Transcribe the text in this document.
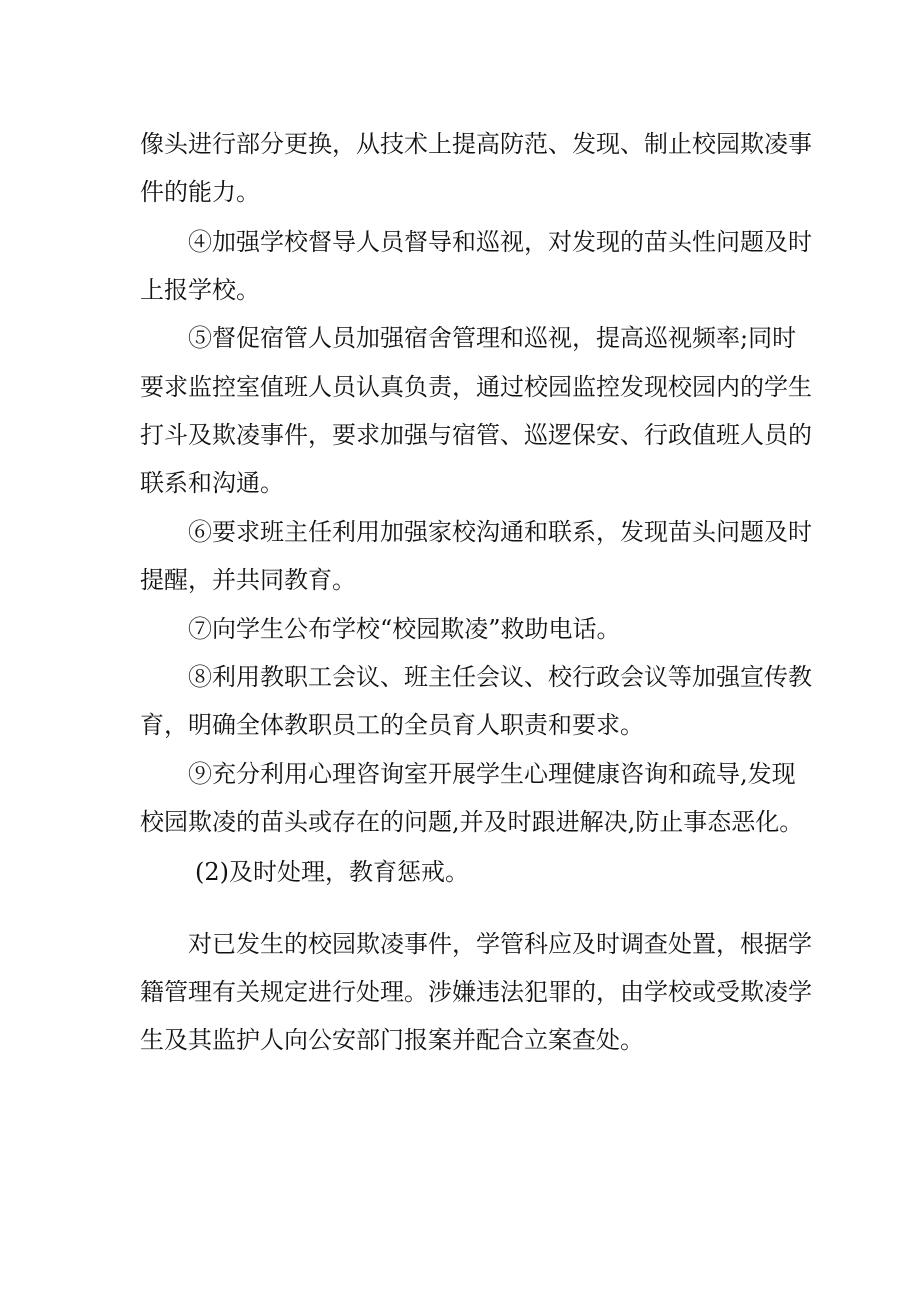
像头进行部分更换，从技术上提高防范、发现、制止校园欺凌事
件的能力。
④加强学校督导人员督导和巡视，对发现的苗头性问题及时
上报学校。
⑤督促宿管人员加强宿舍管理和巡视，提高巡视频率;同时
要求监控室值班人员认真负责，通过校园监控发现校园内的学生
打斗及欺凌事件，要求加强与宿管、巡逻保安、行政值班人员的
联系和沟通。
⑥要求班主任利用加强家校沟通和联系，发现苗头问题及时
提醒，并共同教育。
⑦向学生公布学校“校园欺凌”救助电话。
⑧利用教职工会议、班主任会议、校行政会议等加强宣传教
育，明确全体教职员工的全员育人职责和要求。
⑨充分利用心理咨询室开展学生心理健康咨询和疏导,发现
校园欺凌的苗头或存在的问题,并及时跟进解决,防止事态恶化。
(2)及时处理，教育惩戒。
对已发生的校园欺凌事件，学管科应及时调查处置，根据学
籍管理有关规定进行处理。涉嫌违法犯罪的，由学校或受欺凌学
生及其监护人向公安部门报案并配合立案查处。
